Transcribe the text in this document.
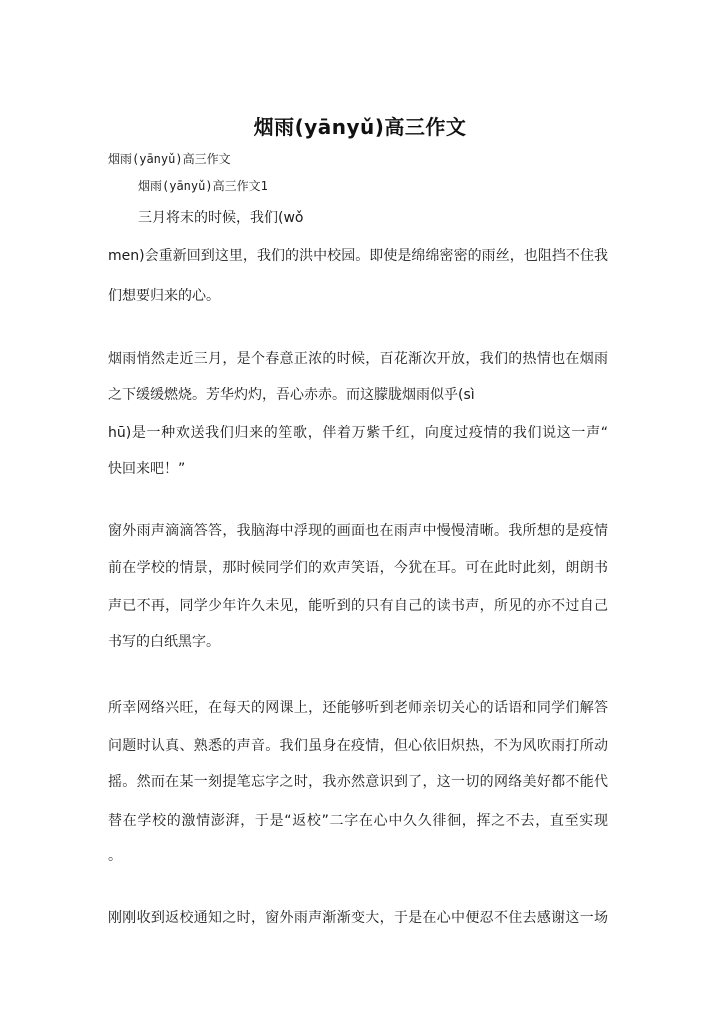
烟雨(yānyǔ)高三作文
烟雨(yānyǔ)高三作文
烟雨(yānyǔ)高三作文1
三月将末的时候，我们(wǒ
men)会重新回到这里，我们的洪中校园。即使是绵绵密密的雨丝，也阻挡不住我
们想要归来的心。
烟雨悄然走近三月，是个春意正浓的时候，百花渐次开放，我们的热情也在烟雨
之下缓缓燃烧。芳华灼灼，吾心赤赤。而这朦胧烟雨似乎(sì
hū)是一种欢送我们归来的笙歌，伴着万紫千红，向度过疫情的我们说这一声“
快回来吧！”
窗外雨声滴滴答答，我脑海中浮现的画面也在雨声中慢慢清晰。我所想的是疫情
前在学校的情景，那时候同学们的欢声笑语，今犹在耳。可在此时此刻，朗朗书
声已不再，同学少年许久未见，能听到的只有自己的读书声，所见的亦不过自己
书写的白纸黑字。
所幸网络兴旺，在每天的网课上，还能够听到老师亲切关心的话语和同学们解答
问题时认真、熟悉的声音。我们虽身在疫情，但心依旧炽热，不为风吹雨打所动
摇。然而在某一刻提笔忘字之时，我亦然意识到了，这一切的网络美好都不能代
替在学校的激情澎湃，于是“返校”二字在心中久久徘徊，挥之不去，直至实现
。
刚刚收到返校通知之时，窗外雨声渐渐变大，于是在心中便忍不住去感谢这一场
